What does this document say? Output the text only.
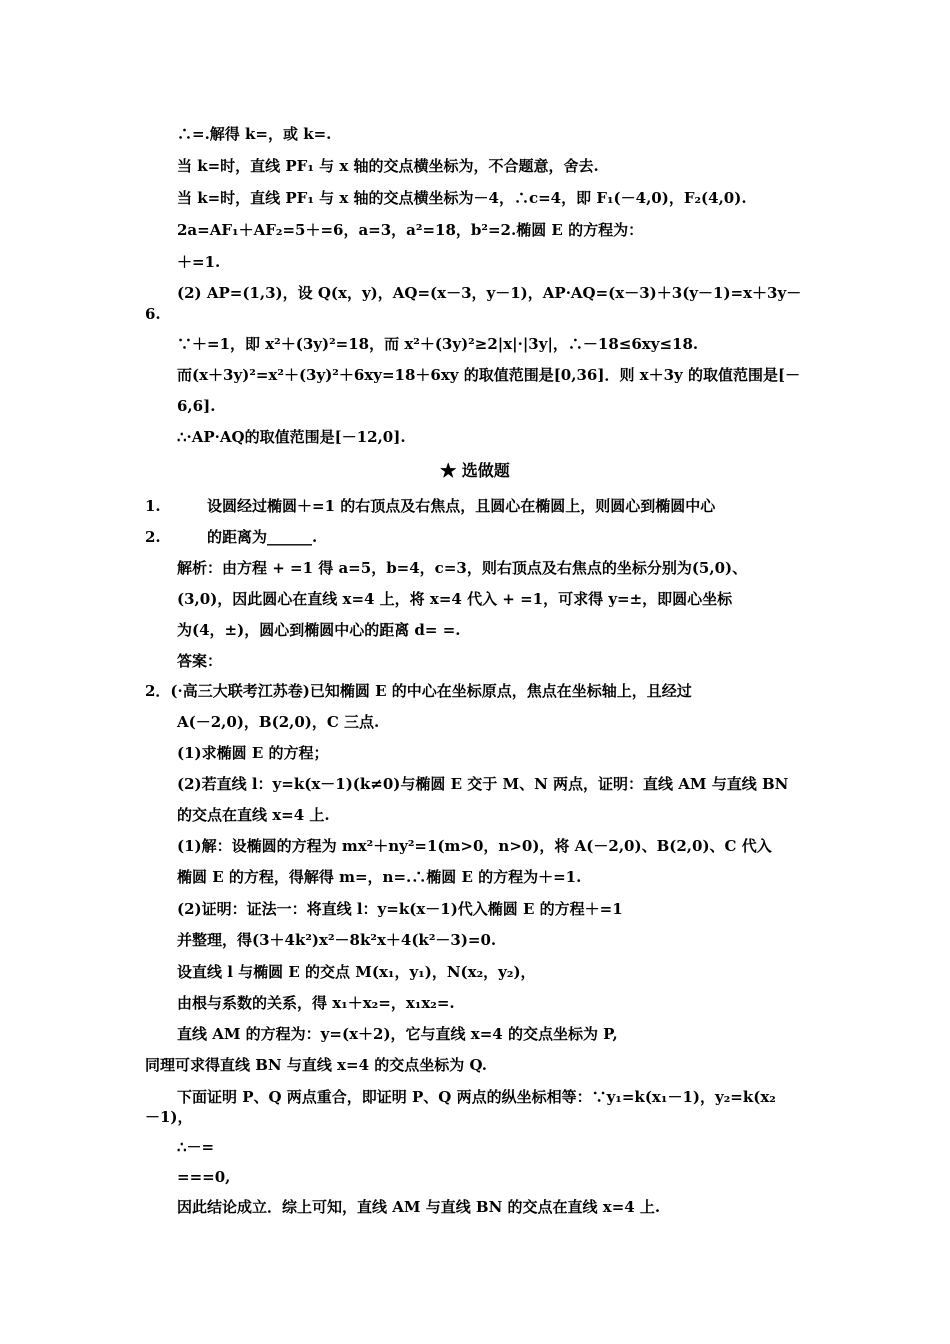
∴=.解得 k=，或 k=.
当 k=时，直线 PF₁ 与 x 轴的交点横坐标为，不合题意，舍去.
当 k=时，直线 PF₁ 与 x 轴的交点横坐标为－4，∴c=4，即 F₁(－4,0)，F₂(4,0).
2a=AF₁＋AF₂=5＋=6，a=3，a²=18，b²=2.椭圆 E 的方程为：
＋=1.
(2) AP=(1,3)，设 Q(x，y)，AQ=(x－3，y－1)，AP·AQ=(x－3)＋3(y－1)=x＋3y－
6.
∵＋=1，即 x²＋(3y)²=18，而 x²＋(3y)²≥2|x|·|3y|，∴－18≤6xy≤18.
而(x＋3y)²=x²＋(3y)²＋6xy=18＋6xy 的取值范围是[0,36]．则 x＋3y 的取值范围是[－
6,6].
∴·AP·AQ的取值范围是[－12,0].
★ 选做题
1.	设圆经过椭圆＋=1 的右顶点及右焦点，且圆心在椭圆上，则圆心到椭圆中心
2.	的距离为______.
解析：由方程 + =1 得 a=5，b=4，c=3，则右顶点及右焦点的坐标分别为(5,0)、
(3,0)，因此圆心在直线 x=4 上，将 x=4 代入 + =1，可求得 y=±，即圆心坐标
为(4，±)，圆心到椭圆中心的距离 d= =.
答案：
2．(·高三大联考江苏卷)已知椭圆 E 的中心在坐标原点，焦点在坐标轴上，且经过
A(－2,0)，B(2,0)，C 三点.
(1)求椭圆 E 的方程；
(2)若直线 l：y=k(x－1)(k≠0)与椭圆 E 交于 M、N 两点，证明：直线 AM 与直线 BN
的交点在直线 x=4 上.
(1)解：设椭圆的方程为 mx²＋ny²=1(m>0，n>0)，将 A(－2,0)、B(2,0)、C 代入
椭圆 E 的方程，得解得 m=，n=.∴椭圆 E 的方程为＋=1.
(2)证明：证法一：将直线 l：y=k(x－1)代入椭圆 E 的方程＋=1
并整理，得(3＋4k²)x²－8k²x＋4(k²－3)=0.
设直线 l 与椭圆 E 的交点 M(x₁，y₁)，N(x₂，y₂)，
由根与系数的关系，得 x₁＋x₂=，x₁x₂=.
直线 AM 的方程为：y=(x＋2)，它与直线 x=4 的交点坐标为 P,
同理可求得直线 BN 与直线 x=4 的交点坐标为 Q.
下面证明 P、Q 两点重合，即证明 P、Q 两点的纵坐标相等：∵y₁=k(x₁－1)，y₂=k(x₂
－1)，
∴－=
===0,
因此结论成立．综上可知，直线 AM 与直线 BN 的交点在直线 x=4 上.
